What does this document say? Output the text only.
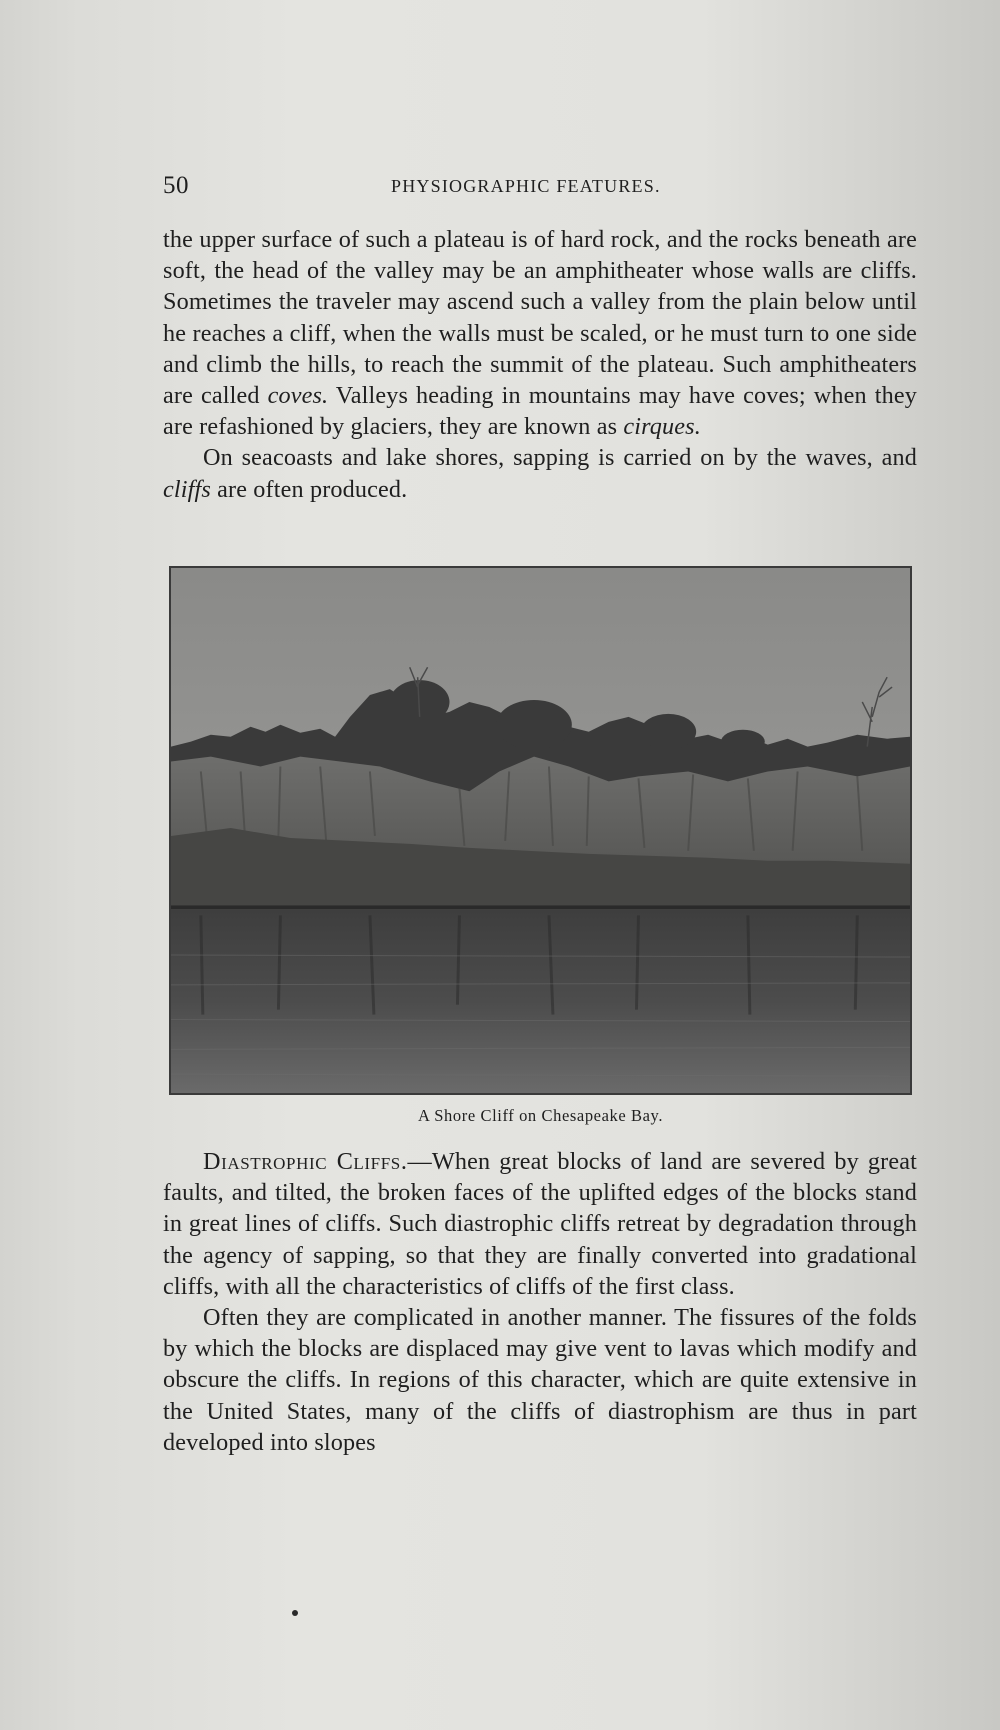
50	PHYSIOGRAPHIC FEATURES.

the upper surface of such a plateau is of hard rock, and the rocks beneath are soft, the head of the valley may be an amphitheater whose walls are cliffs. Sometimes the traveler may ascend such a valley from the plain below until he reaches a cliff, when the walls must be scaled, or he must turn to one side and climb the hills, to reach the summit of the plateau. Such amphitheaters are called coves. Valleys heading in mountains may have coves; when they are refashioned by glaciers, they are known as cirques.

On seacoasts and lake shores, sapping is carried on by the waves, and cliffs are often produced.

A Shore Cliff on Chesapeake Bay.

Diastrophic Cliffs.—When great blocks of land are severed by great faults, and tilted, the broken faces of the uplifted edges of the blocks stand in great lines of cliffs. Such diastrophic cliffs retreat by degradation through the agency of sapping, so that they are finally converted into gradational cliffs, with all the characteristics of cliffs of the first class.

Often they are complicated in another manner. The fissures of the folds by which the blocks are displaced may give vent to lavas which modify and obscure the cliffs. In regions of this character, which are quite extensive in the United States, many of the cliffs of diastrophism are thus in part developed into slopes
